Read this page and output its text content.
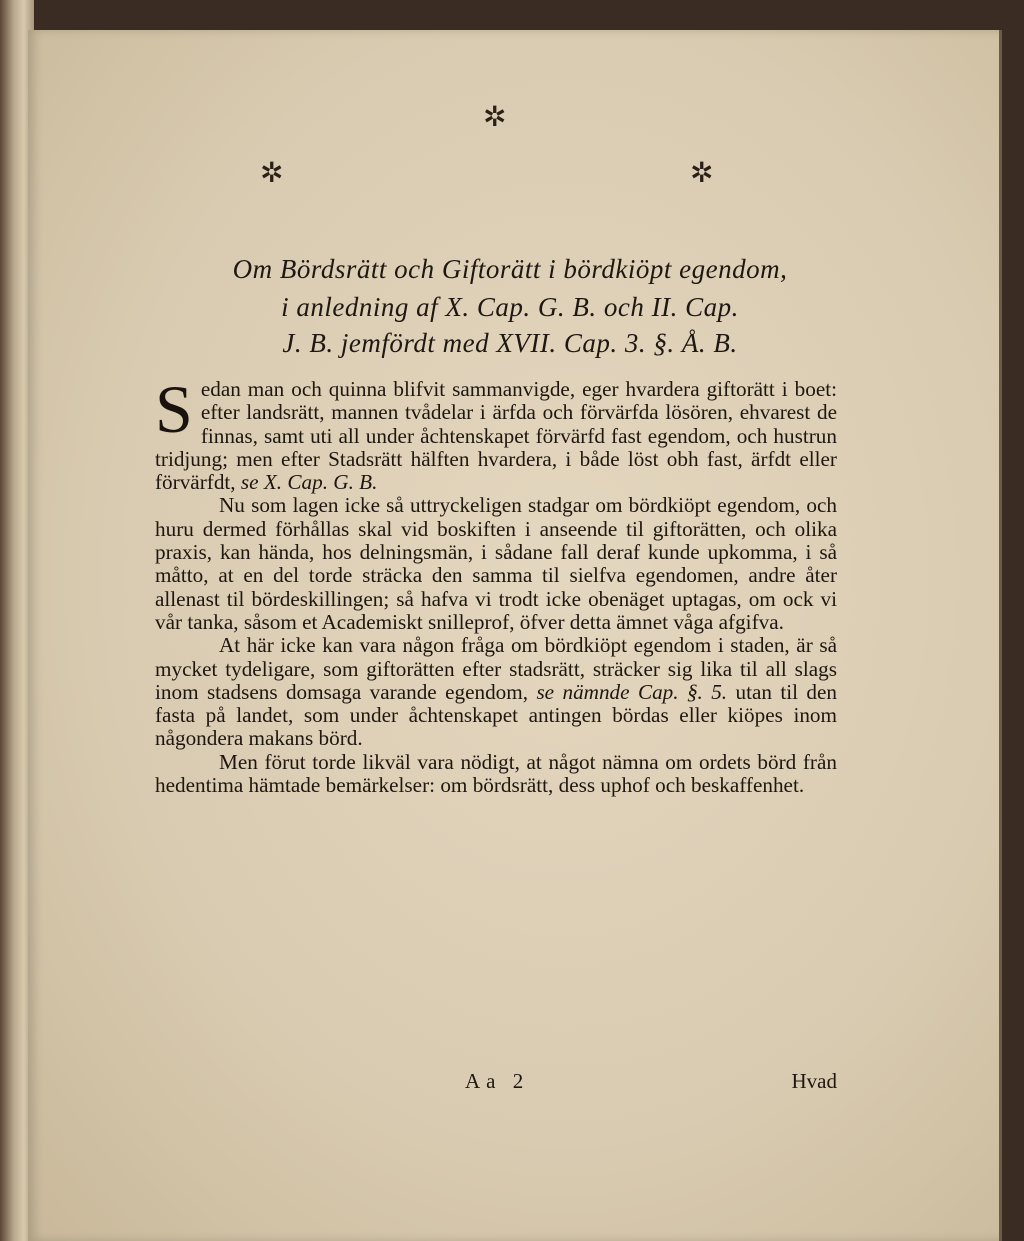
✲
✲	✲
Om Bördsrätt och Giftorätt i bördkiöpt egendom,
i anledning af X. Cap. G. B. och II. Cap.
J. B. jemfördt med XVII. Cap. 3. §. Å. B.

Sedan man och quinna blifvit sammanvigde, eger hvardera giftorätt i boet: efter landsrätt, mannen tvådelar i ärfda och förvärfda lösören, ehvarest de finnas, samt uti all under åchtenskapet förvärfd fast egendom, och hustrun tridjung; men efter Stadsrätt hälften hvardera, i både löst obh fast, ärfdt eller förvärfdt, se X. Cap. G. B.

Nu som lagen icke så uttryckeligen stadgar om bördkiöpt egendom, och huru dermed förhållas skal vid boskiften i anseende til giftorätten, och olika praxis, kan hända, hos delningsmän, i sådane fall deraf kunde upkomma, i så måtto, at en del torde sträcka den samma til sielfva egendomen, andre åter allenast til bördeskillingen; så hafva vi trodt icke obenäget uptagas, om ock vi vår tanka, såsom et Academiskt snilleprof, öfver detta ämnet våga afgifva.

At här icke kan vara någon fråga om bördkiöpt egendom i staden, är så mycket tydeligare, som giftorätten efter stadsrätt, sträcker sig lika til all slags inom stadsens domsaga varande egendom, se nämnde Cap. §. 5. utan til den fasta på landet, som under åchtenskapet antingen bördas eller kiöpes inom någondera makans börd.

Men förut torde likväl vara nödigt, at något nämna om ordets börd från hedentima hämtade bemärkelser: om bördsrätt, dess uphof och beskaffenhet.

Aa 2	Hvad
